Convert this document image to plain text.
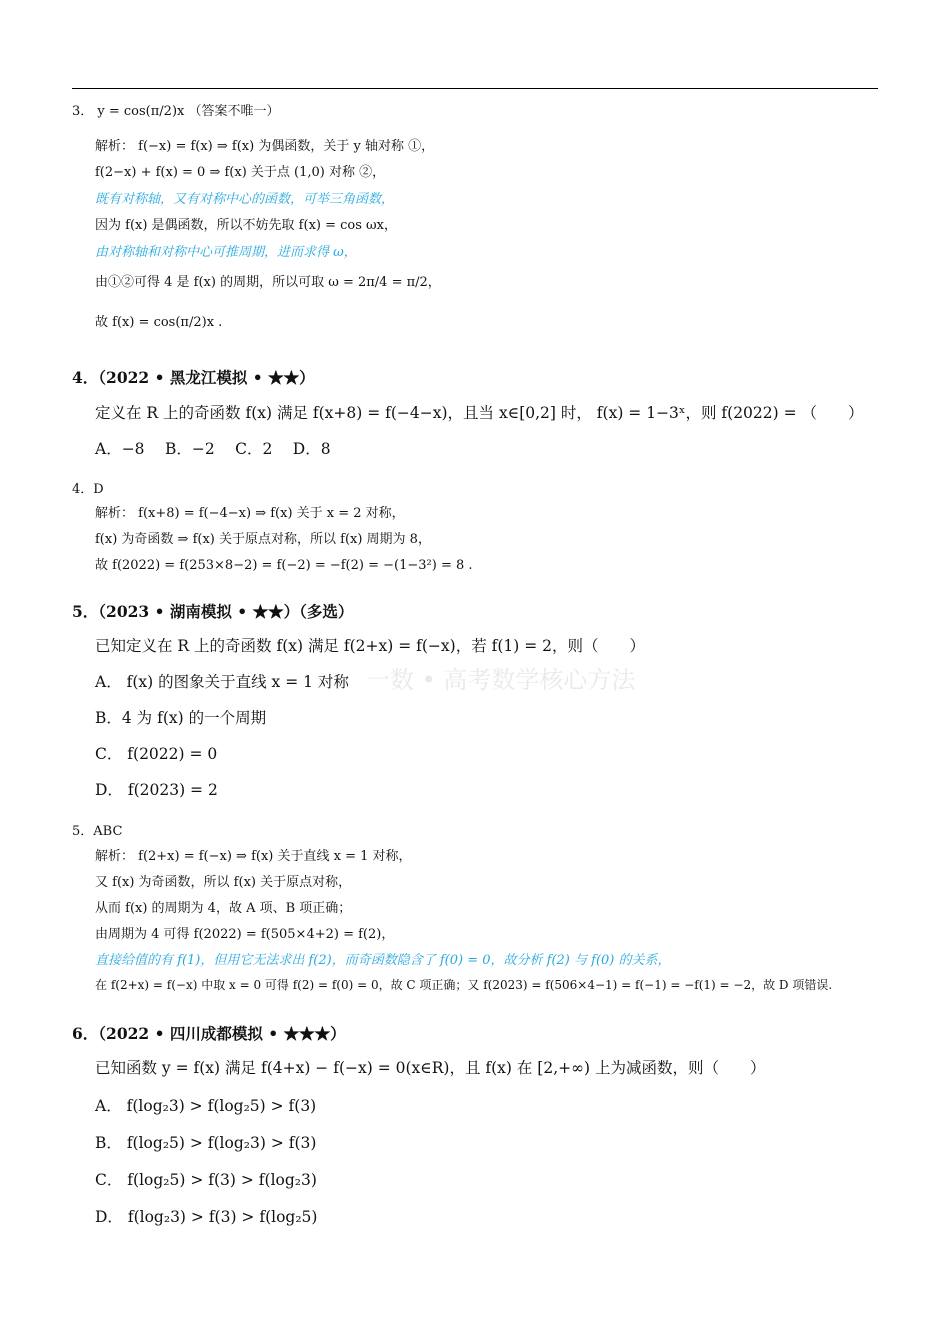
一数 • 高考数学核心方法
3． y = cos(π/2)x （答案不唯一）
解析： f(−x) = f(x) ⇒ f(x) 为偶函数，关于 y 轴对称 ①，
f(2−x) + f(x) = 0 ⇒ f(x) 关于点 (1,0) 对称 ②，
既有对称轴，又有对称中心的函数，可举三角函数，
因为 f(x) 是偶函数，所以不妨先取 f(x) = cos ωx，
由对称轴和对称中心可推周期，进而求得 ω，
由①②可得 4 是 f(x) 的周期，所以可取 ω = 2π/4 = π/2，
故 f(x) = cos(π/2)x .
4．（2022 • 黑龙江模拟 • ★★）
定义在 R 上的奇函数 f(x) 满足 f(x+8) = f(−4−x)，且当 x∈[0,2] 时， f(x) = 1−3ˣ，则 f(2022) = （　　）
A．−8　 B．−2　 C．2　 D．8
4．D
解析： f(x+8) = f(−4−x) ⇒ f(x) 关于 x = 2 对称，
f(x) 为奇函数 ⇒ f(x) 关于原点对称，所以 f(x) 周期为 8，
故 f(2022) = f(253×8−2) = f(−2) = −f(2) = −(1−3²) = 8 .
5．（2023 • 湖南模拟 • ★★）（多选）
已知定义在 R 上的奇函数 f(x) 满足 f(2+x) = f(−x)，若 f(1) = 2，则（　　）
A． f(x) 的图象关于直线 x = 1 对称
B．4 为 f(x) 的一个周期
C． f(2022) = 0
D． f(2023) = 2
5．ABC
解析： f(2+x) = f(−x) ⇒ f(x) 关于直线 x = 1 对称，
又 f(x) 为奇函数，所以 f(x) 关于原点对称，
从而 f(x) 的周期为 4，故 A 项、B 项正确；
由周期为 4 可得 f(2022) = f(505×4+2) = f(2)，
直接给值的有 f(1)，但用它无法求出 f(2)，而奇函数隐含了 f(0) = 0，故分析 f(2) 与 f(0) 的关系，
在 f(2+x) = f(−x) 中取 x = 0 可得 f(2) = f(0) = 0，故 C 项正确；又 f(2023) = f(506×4−1) = f(−1) = −f(1) = −2，故 D 项错误.
6．（2022 • 四川成都模拟 • ★★★）
已知函数 y = f(x) 满足 f(4+x) − f(−x) = 0(x∈R)，且 f(x) 在 [2,+∞) 上为减函数，则（　　）
A． f(log₂3) > f(log₂5) > f(3)
B． f(log₂5) > f(log₂3) > f(3)
C． f(log₂5) > f(3) > f(log₂3)
D． f(log₂3) > f(3) > f(log₂5)
